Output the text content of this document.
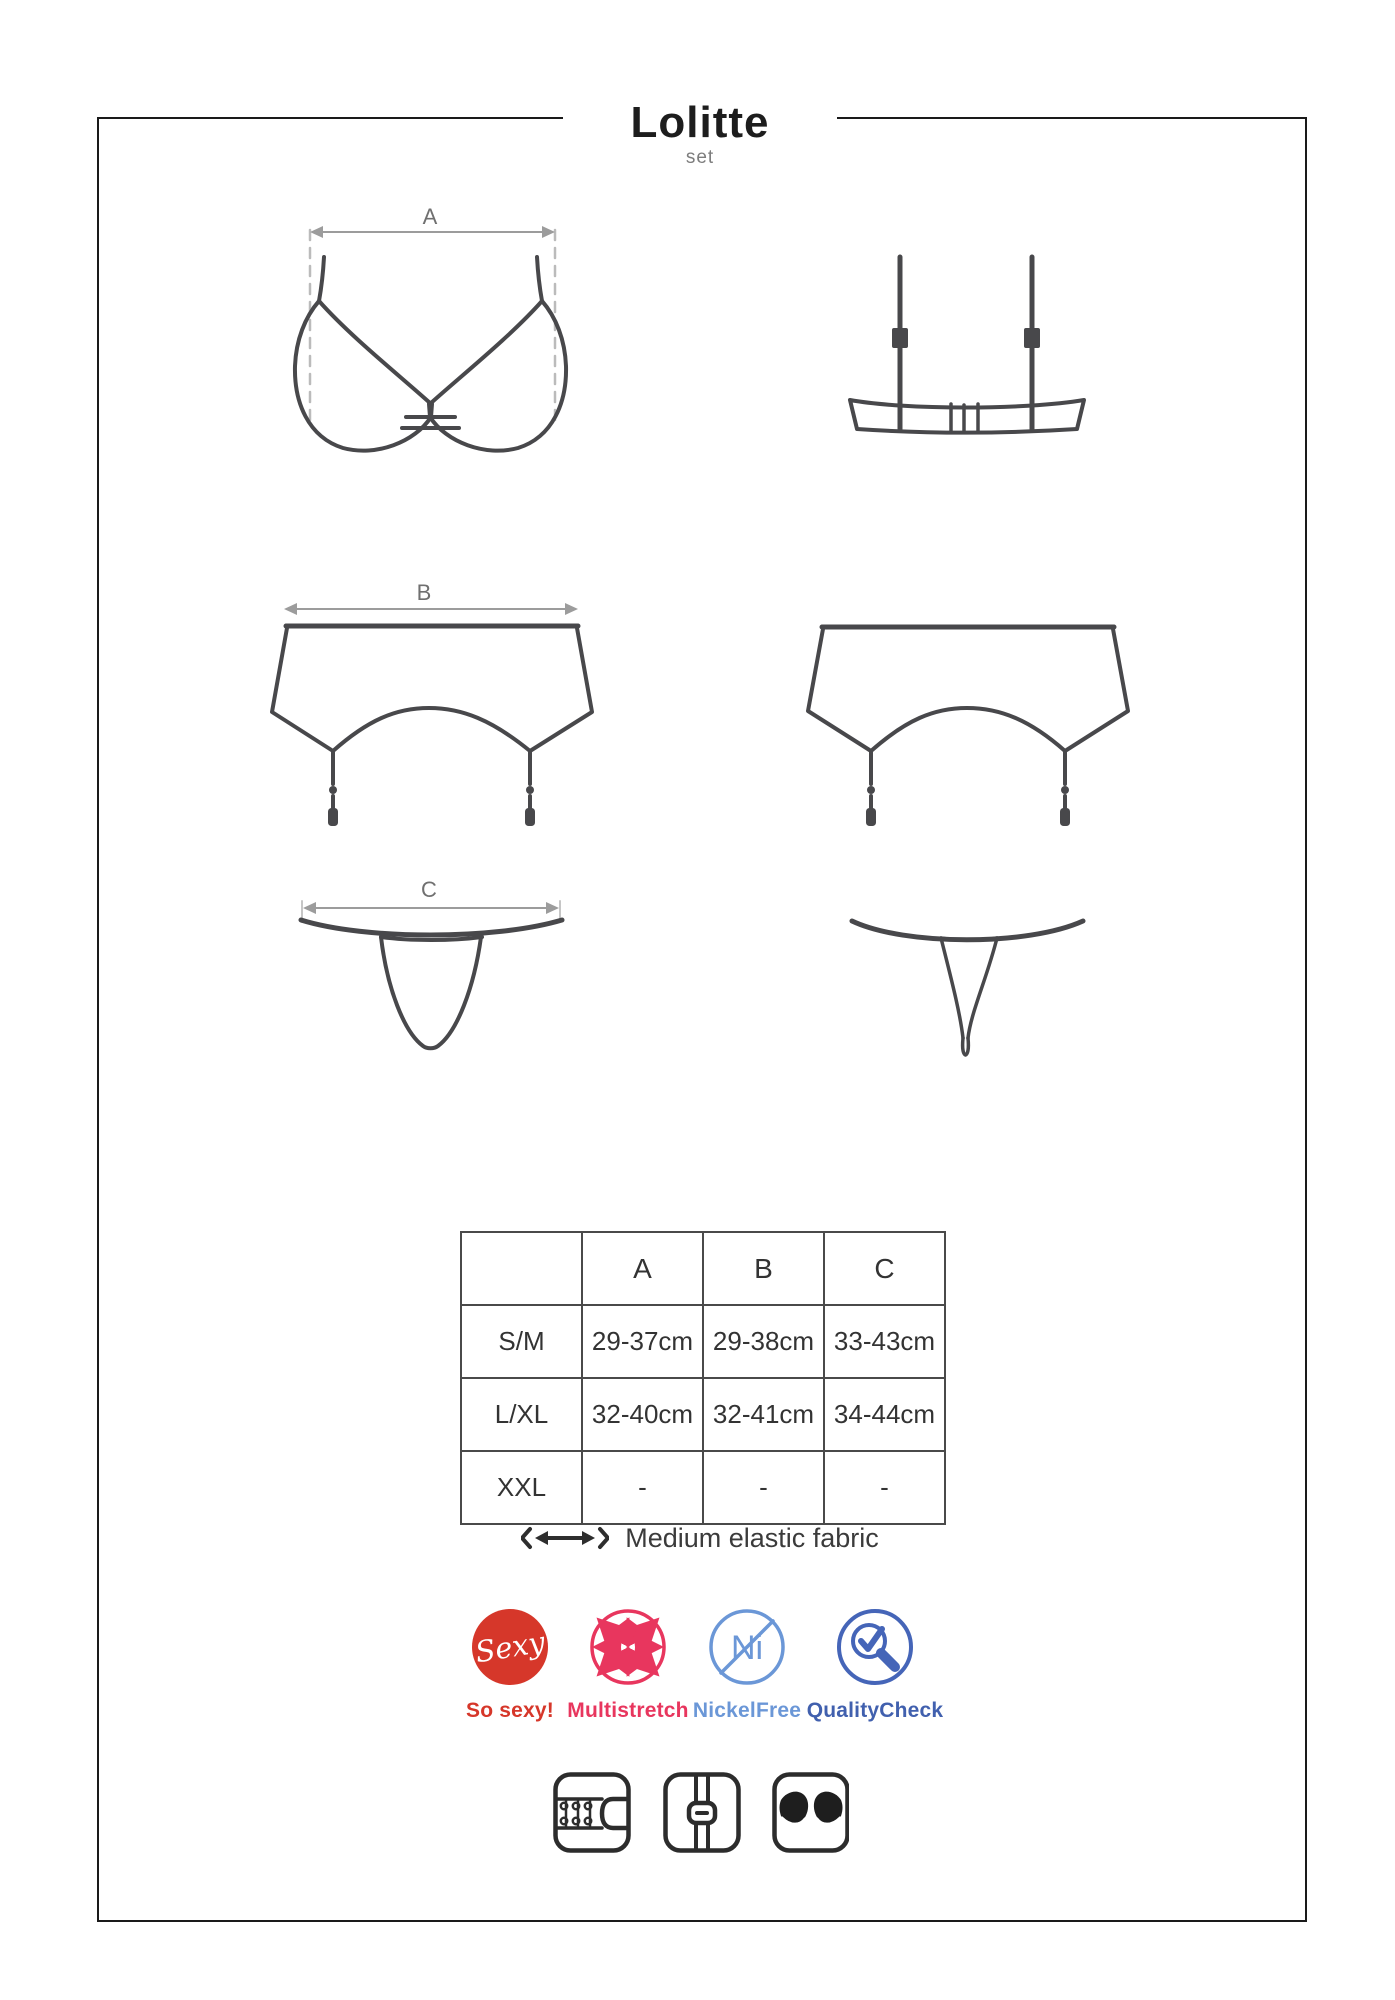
Lolitte
set
A
B
C
	A	B	C
S/M	29-37cm	29-38cm	33-43cm
L/XL	32-40cm	32-41cm	34-44cm
XXL	-	-	-
Medium elastic fabric
Sexy
So sexy! Multistretch
Ni
NickelFree QualityCheck
